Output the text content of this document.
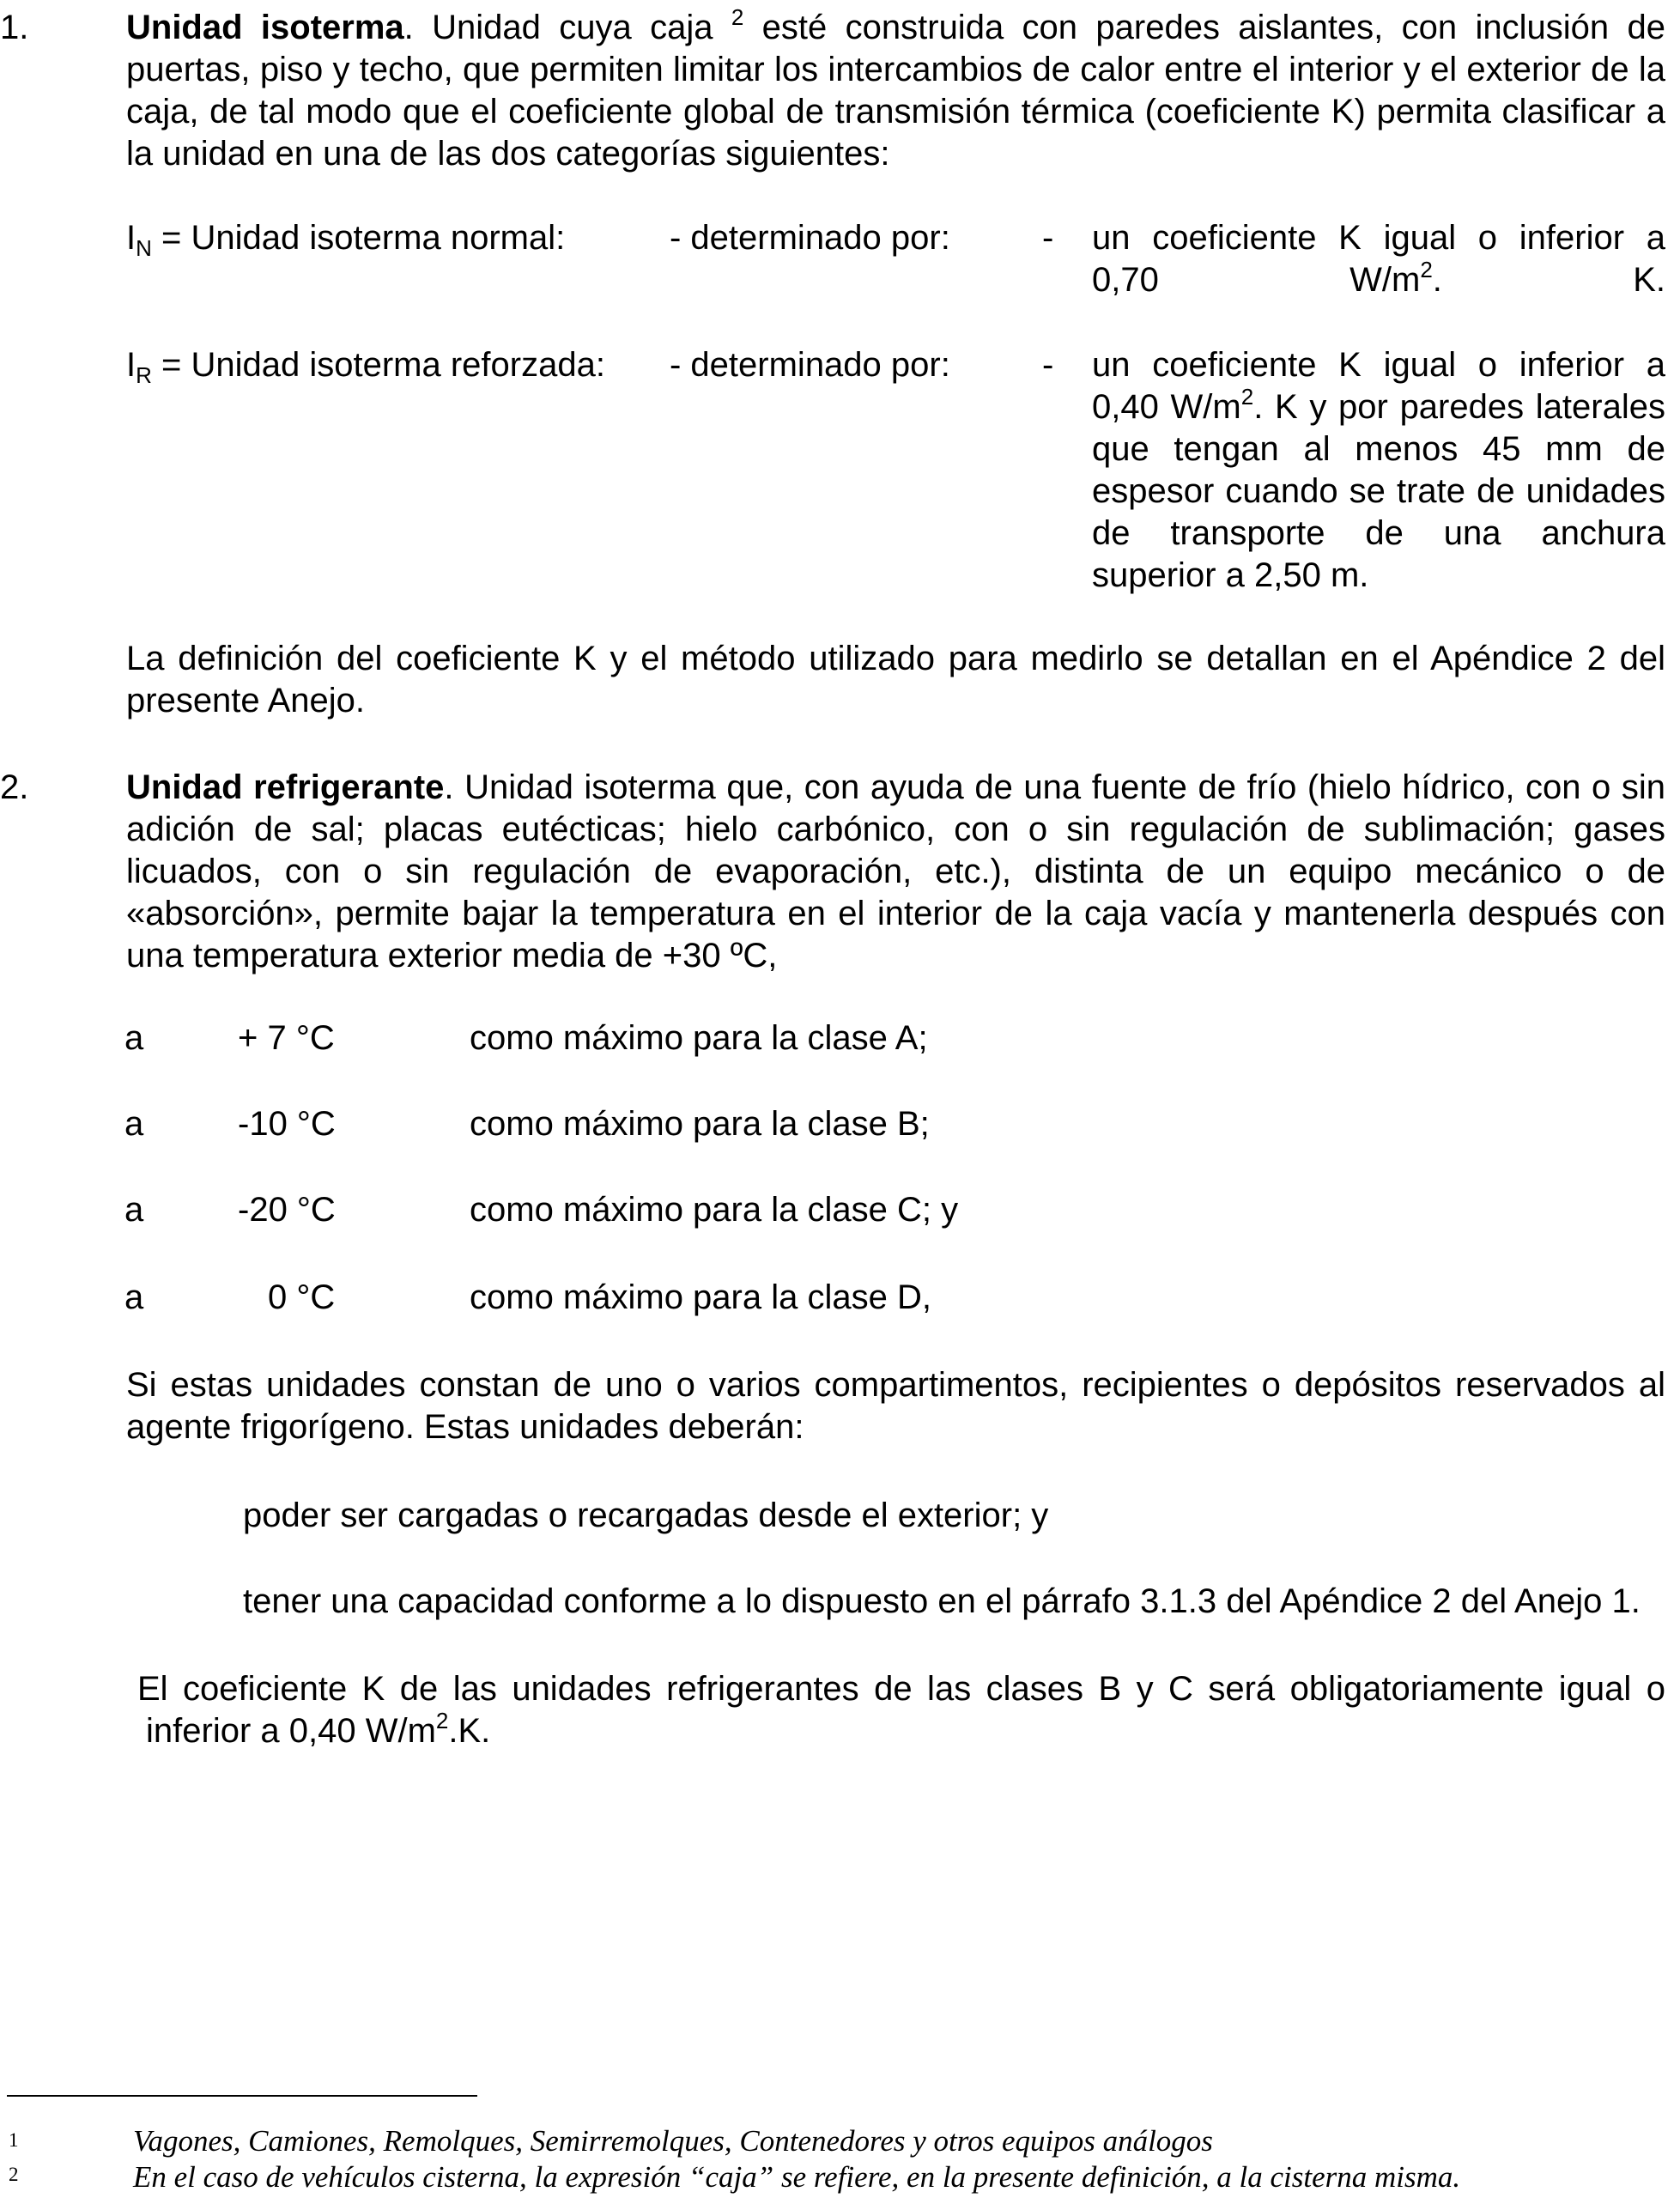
1.	Unidad isoterma. Unidad cuya caja $^2$ esté construida con paredes aislantes, con inclusión de puertas, piso y techo, que permiten limitar los intercambios de calor entre el interior y el exterior de la caja, de tal modo que el coeficiente global de transmisión térmica (coeficiente K) permita clasificar a la unidad en una de las dos categorías siguientes:
$I_N$ = Unidad isoterma normal:	- determinado por:	- un coeficiente K igual o inferior a 0,70 $W/m^2$. K.
$I_R$ = Unidad isoterma reforzada: - determinado por:	- un coeficiente K igual o inferior a 0,40 $W/m^2$. K y por paredes laterales que tengan al menos 45 mm de espesor cuando se trate de unidades de transporte de una anchura superior a 2,50 m.
La definición del coeficiente K y el método utilizado para medirlo se detallan en el Apéndice 2 del presente Anejo.
2.	Unidad refrigerante. Unidad isoterma que, con ayuda de una fuente de frío (hielo hídrico, con o sin adición de sal; placas eutécticas; hielo carbónico, con o sin regulación de sublimación; gases licuados, con o sin regulación de evaporación, etc.), distinta de un equipo mecánico o de «absorción», permite bajar la temperatura en el interior de la caja vacía y mantenerla después con una temperatura exterior media de +30 ºC,
a	+ 7 °C	como máximo para la clase A;
a	-10 °C	como máximo para la clase B;
a	-20 °C	como máximo para la clase C; y
a	0 °C	como máximo para la clase D,
Si estas unidades constan de uno o varios compartimentos, recipientes o depósitos reservados al agente frigorígeno. Estas unidades deberán:
poder ser cargadas o recargadas desde el exterior; y
tener una capacidad conforme a lo dispuesto en el párrafo 3.1.3 del Apéndice 2 del Anejo 1.
El coeficiente K de las unidades refrigerantes de las clases B y C será obligatoriamente igual o
inferior a 0,40 $W/m^2.K$.
1	Vagones, Camiones, Remolques, Semirremolques, Contenedores y otros equipos análogos
2	En el caso de vehículos cisterna, la expresión “caja” se refiere, en la presente definición, a la cisterna misma.
